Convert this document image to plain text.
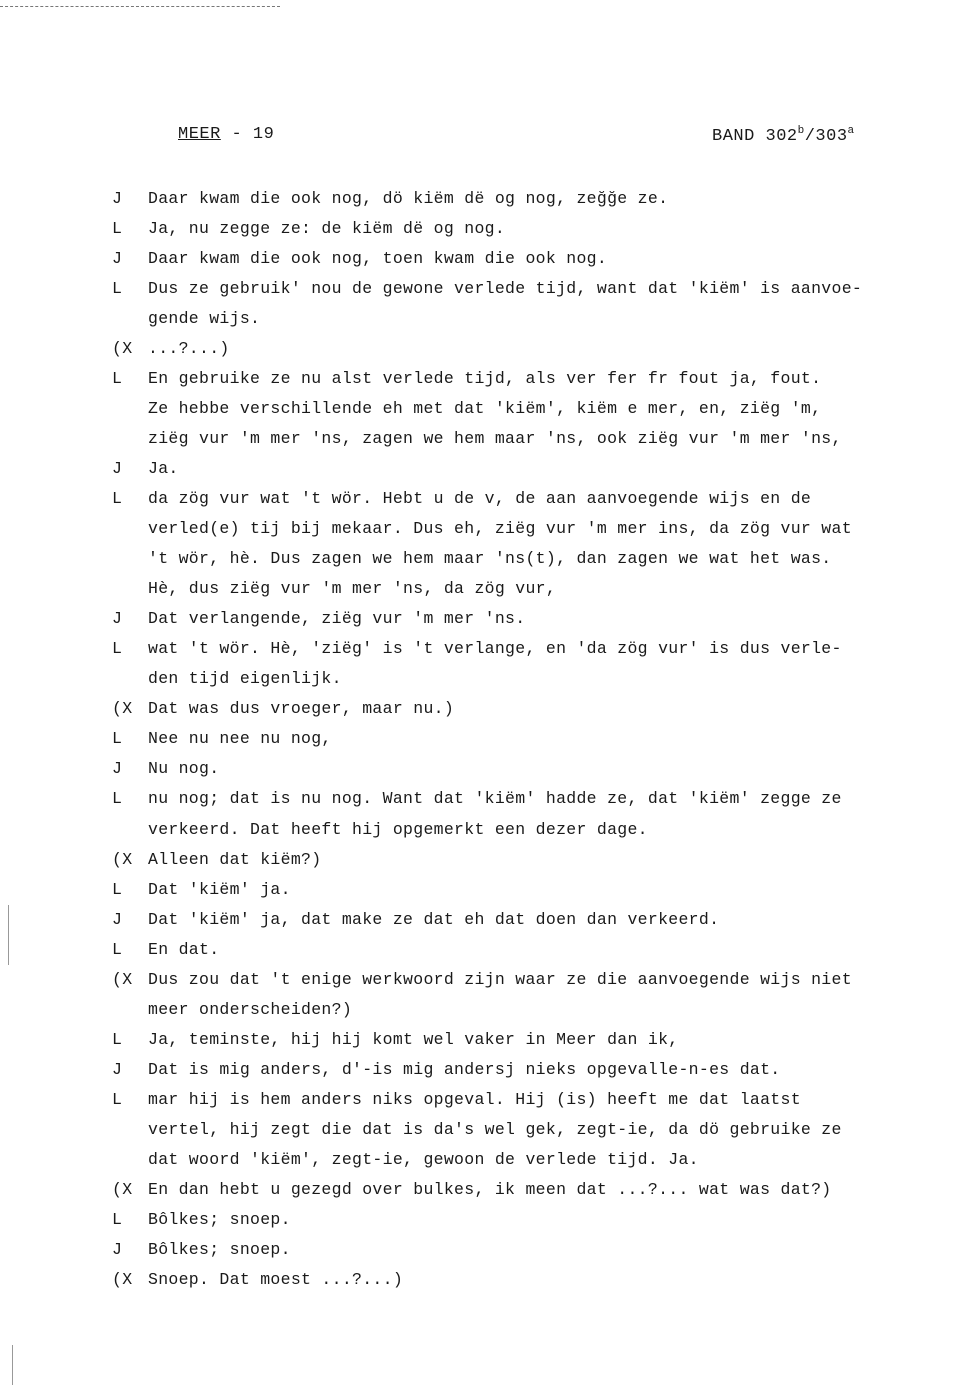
MEER - 19	BAND 302$^b$/303$^a$
J	Daar kwam die ook nog, dö kiëm dë og nog, zeğğe ze.
L	Ja, nu zegge ze: de kiëm dë og nog.
J	Daar kwam die ook nog, toen kwam die ook nog.
L	Dus ze gebruik' nou de gewone verlede tijd, want dat 'kiëm' is aanvoe-
gende wijs.
(X ...?...)
L	En gebruike ze nu alst verlede tijd, als ver fer fr fout ja, fout.
Ze hebbe verschillende eh met dat 'kiëm', kiëm e mer, en, ziëg 'm,
ziëg vur 'm mer 'ns, zagen we hem maar 'ns, ook ziëg vur 'm mer 'ns,
J	Ja.
L	da zög vur wat 't wör. Hebt u de v, de aan aanvoegende wijs en de
verled(e) tij bij mekaar. Dus eh, ziëg vur 'm mer ins, da zög vur wat
't wör, hè. Dus zagen we hem maar 'ns(t), dan zagen we wat het was.
Hè, dus ziëg vur 'm mer 'ns, da zög vur,
J	Dat verlangende, ziëg vur 'm mer 'ns.
L	wat 't wör. Hè, 'ziëg' is 't verlange, en 'da zög vur' is dus verle-
den tijd eigenlijk.
(X Dat was dus vroeger, maar nu.)
L	Nee nu nee nu nog,
J	Nu nog.
L	nu nog; dat is nu nog. Want dat 'kiëm' hadde ze, dat 'kiëm' zegge ze
verkeerd. Dat heeft hij opgemerkt een dezer dage.
(X Alleen dat kiëm?)
L	Dat 'kiëm' ja.
J	Dat 'kiëm' ja, dat make ze dat eh dat doen dan verkeerd.
L	En dat.
(X Dus zou dat 't enige werkwoord zijn waar ze die aanvoegende wijs niet
meer onderscheiden?)
L	Ja, teminste, hij hij komt wel vaker in Meer dan ik,
J	Dat is mig anders, d'-is mig andersj nieks opgevalle-n-es dat.
L	mar hij is hem anders niks opgeval. Hij (is) heeft me dat laatst
vertel, hij zegt die dat is da's wel gek, zegt-ie, da dö gebruike ze
dat woord 'kiëm', zegt-ie, gewoon de verlede tijd. Ja.
(X En dan hebt u gezegd over bulkes, ik meen dat ...?... wat was dat?)
L	Bôlkes; snoep.
J	Bôlkes; snoep.
(X Snoep. Dat moest ...?...)
